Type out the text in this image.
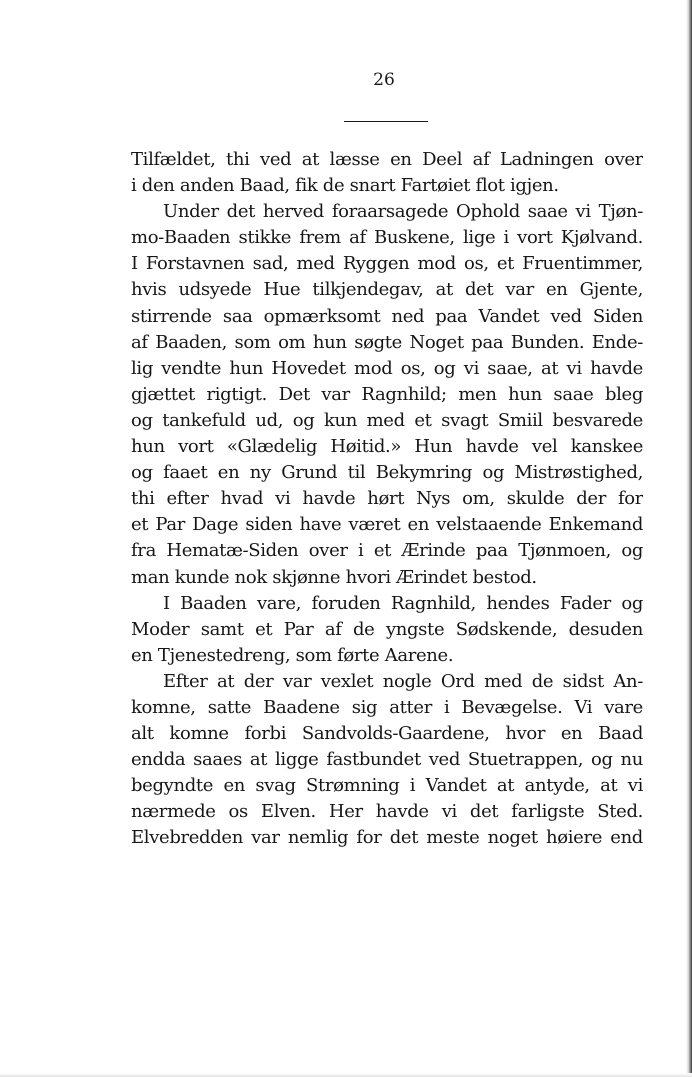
26
Tilfældet, thi ved at læsse en Deel af Ladningen over
i den anden Baad, fik de snart Fartøiet flot igjen.
Under det herved foraarsagede Ophold saae vi Tjøn-
mo-Baaden stikke frem af Buskene, lige i vort Kjølvand.
I Forstavnen sad, med Ryggen mod os, et Fruentimmer,
hvis udsyede Hue tilkjendegav, at det var en Gjente,
stirrende saa opmærksomt ned paa Vandet ved Siden
af Baaden, som om hun søgte Noget paa Bunden. Ende-
lig vendte hun Hovedet mod os, og vi saae, at vi havde
gjættet rigtigt. Det var Ragnhild; men hun saae bleg
og tankefuld ud, og kun med et svagt Smiil besvarede
hun vort «Glædelig Høitid.» Hun havde vel kanskee
og faaet en ny Grund til Bekymring og Mistrøstighed,
thi efter hvad vi havde hørt Nys om, skulde der for
et Par Dage siden have været en velstaaende Enkemand
fra Hematæ-Siden over i et Ærinde paa Tjønmoen, og
man kunde nok skjønne hvori Ærindet bestod.
I Baaden vare, foruden Ragnhild, hendes Fader og
Moder samt et Par af de yngste Sødskende, desuden
en Tjenestedreng, som førte Aarene.
Efter at der var vexlet nogle Ord med de sidst An-
komne, satte Baadene sig atter i Bevægelse. Vi vare
alt komne forbi Sandvolds-Gaardene, hvor en Baad
endda saaes at ligge fastbundet ved Stuetrappen, og nu
begyndte en svag Strømning i Vandet at antyde, at vi
nærmede os Elven. Her havde vi det farligste Sted.
Elvebredden var nemlig for det meste noget høiere end
